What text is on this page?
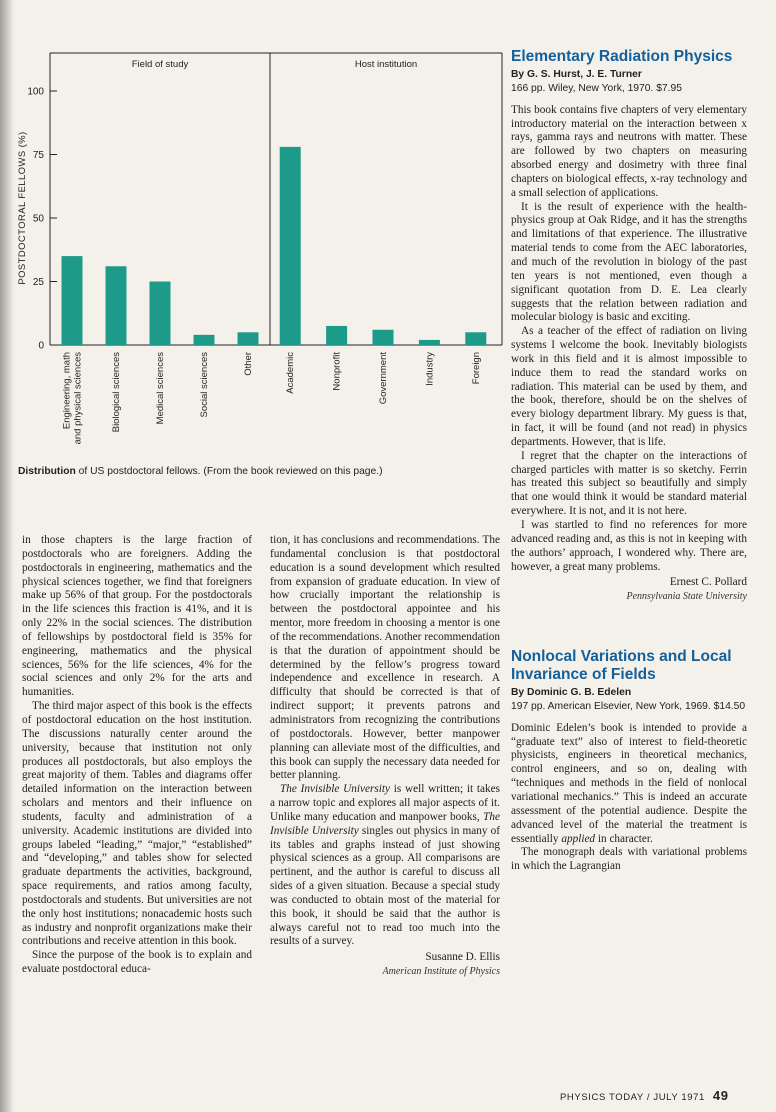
0
25
50
75
100
POSTDOCTORAL FELLOWS (%)
Engineering, math and physical sciences	Biological sciences	Medical sciences	Social sciences	Other	Academic	Nonprofit	Government	Industry	Foreign
Field of study	Host institution
Distribution of US postdoctoral fellows. (From the book reviewed on this page.)

in those chapters is the large fraction of postdoctorals who are foreigners. Adding the postdoctorals in engineering, mathematics and the physical sciences together, we find that foreigners make up 56% of that group. For the postdoctorals in the life sciences this fraction is 41%, and it is only 22% in the social sciences. The distribution of fellowships by postdoctoral field is 35% for engineering, mathematics and the physical sciences, 56% for the life sciences, 4% for the social sciences and only 2% for the arts and humanities.

The third major aspect of this book is the effects of postdoctoral education on the host institution. The discussions naturally center around the university, because that institution not only produces all postdoctorals, but also employs the great majority of them. Tables and diagrams offer detailed information on the interaction between scholars and mentors and their influence on students, faculty and administration of a university. Academic institutions are divided into groups labeled “leading,” “major,” “established” and “developing,” and tables show for selected graduate departments the activities, background, space requirements, and ratios among faculty, postdoctorals and students. But universities are not the only host institutions; nonacademic hosts such as industry and nonprofit organizations make their contributions and receive attention in this book.

Since the purpose of the book is to explain and evaluate postdoctoral educa-

tion, it has conclusions and recommendations. The fundamental conclusion is that postdoctoral education is a sound development which resulted from expansion of graduate education. In view of how crucially important the relationship is between the postdoctoral appointee and his mentor, more freedom in choosing a mentor is one of the recommendations. Another recommendation is that the duration of appointment should be determined by the fellow’s progress toward independence and excellence in research. A difficulty that should be corrected is that of indirect support; it prevents patrons and administrators from recognizing the contributions of postdoctorals. However, better manpower planning can alleviate most of the difficulties, and this book can supply the necessary data needed for better planning.

The Invisible University is well written; it takes a narrow topic and explores all major aspects of it. Unlike many education and manpower books, The Invisible University singles out physics in many of its tables and graphs instead of just showing physical sciences as a group. All comparisons are pertinent, and the author is careful to discuss all sides of a given situation. Because a special study was conducted to obtain most of the material for this book, it should be said that the author is always careful not to read too much into the results of a survey.

Susanne D. Ellis

American Institute of Physics

Elementary Radiation Physics
By G. S. Hurst, J. E. Turner
166 pp. Wiley, New York, 1970. $7.95

This book contains five chapters of very elementary introductory material on the interaction between x rays, gamma rays and neutrons with matter. These are followed by two chapters on measuring absorbed energy and dosimetry with three final chapters on biological effects, x-ray technology and a small selection of applications.

It is the result of experience with the health-physics group at Oak Ridge, and it has the strengths and limitations of that experience. The illustrative material tends to come from the AEC laboratories, and much of the revolution in biology of the past ten years is not mentioned, even though a significant quotation from D. E. Lea clearly suggests that the relation between radiation and molecular biology is basic and exciting.

As a teacher of the effect of radiation on living systems I welcome the book. Inevitably biologists work in this field and it is almost impossible to induce them to read the standard works on radiation. This material can be used by them, and the book, therefore, should be on the shelves of every biology department library. My guess is that, in fact, it will be found (and not read) in physics departments. However, that is life.

I regret that the chapter on the interactions of charged particles with matter is so sketchy. Ferrin has treated this subject so beautifully and simply that one would think it would be standard material everywhere. It is not, and it is not here.

I was startled to find no references for more advanced reading and, as this is not in keeping with the authors’ approach, I wondered why. There are, however, a great many problems.

Ernest C. Pollard

Pennsylvania State University

Nonlocal Variations and Local Invariance of Fields
By Dominic G. B. Edelen
197 pp. American Elsevier, New York, 1969. $14.50

Dominic Edelen’s book is intended to provide a “graduate text” also of interest to field-theoretic physicists, engineers in theoretical mechanics, control engineers, and so on, dealing with “techniques and methods in the field of nonlocal variational mechanics.” This is indeed an accurate assessment of the potential audience. Despite the advanced level of the material the treatment is essentially applied in character.

The monograph deals with variational problems in which the Lagrangian

PHYSICS TODAY / JULY 1971 49
